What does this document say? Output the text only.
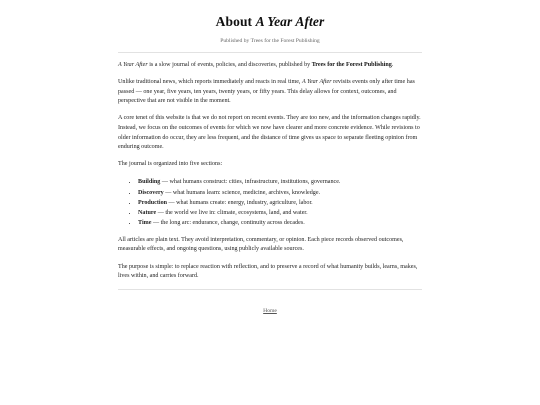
About A Year After
Published by Trees for the Forest Publishing

A Year After is a slow journal of events, policies, and discoveries, published by Trees for the Forest Publishing.

Unlike traditional news, which reports immediately and reacts in real time, A Year After revisits events only after time has passed — one year, five years, ten years, twenty years, or fifty years. This delay allows for context, outcomes, and perspective that are not visible in the moment.

A core tenet of this website is that we do not report on recent events. They are too new, and the information changes rapidly. Instead, we focus on the outcomes of events for which we now have clearer and more concrete evidence. While revisions to older information do occur, they are less frequent, and the distance of time gives us space to separate fleeting opinion from enduring outcome.

The journal is organized into five sections:

• Building — what humans construct: cities, infrastructure, institutions, governance.
• Discovery — what humans learn: science, medicine, archives, knowledge.
• Production — what humans create: energy, industry, agriculture, labor.
• Nature — the world we live in: climate, ecosystems, land, and water.
• Time — the long arc: endurance, change, continuity across decades.

All articles are plain text. They avoid interpretation, commentary, or opinion. Each piece records observed outcomes, measurable effects, and ongoing questions, using publicly available sources.

The purpose is simple: to replace reaction with reflection, and to preserve a record of what humanity builds, learns, makes, lives within, and carries forward.

Home
